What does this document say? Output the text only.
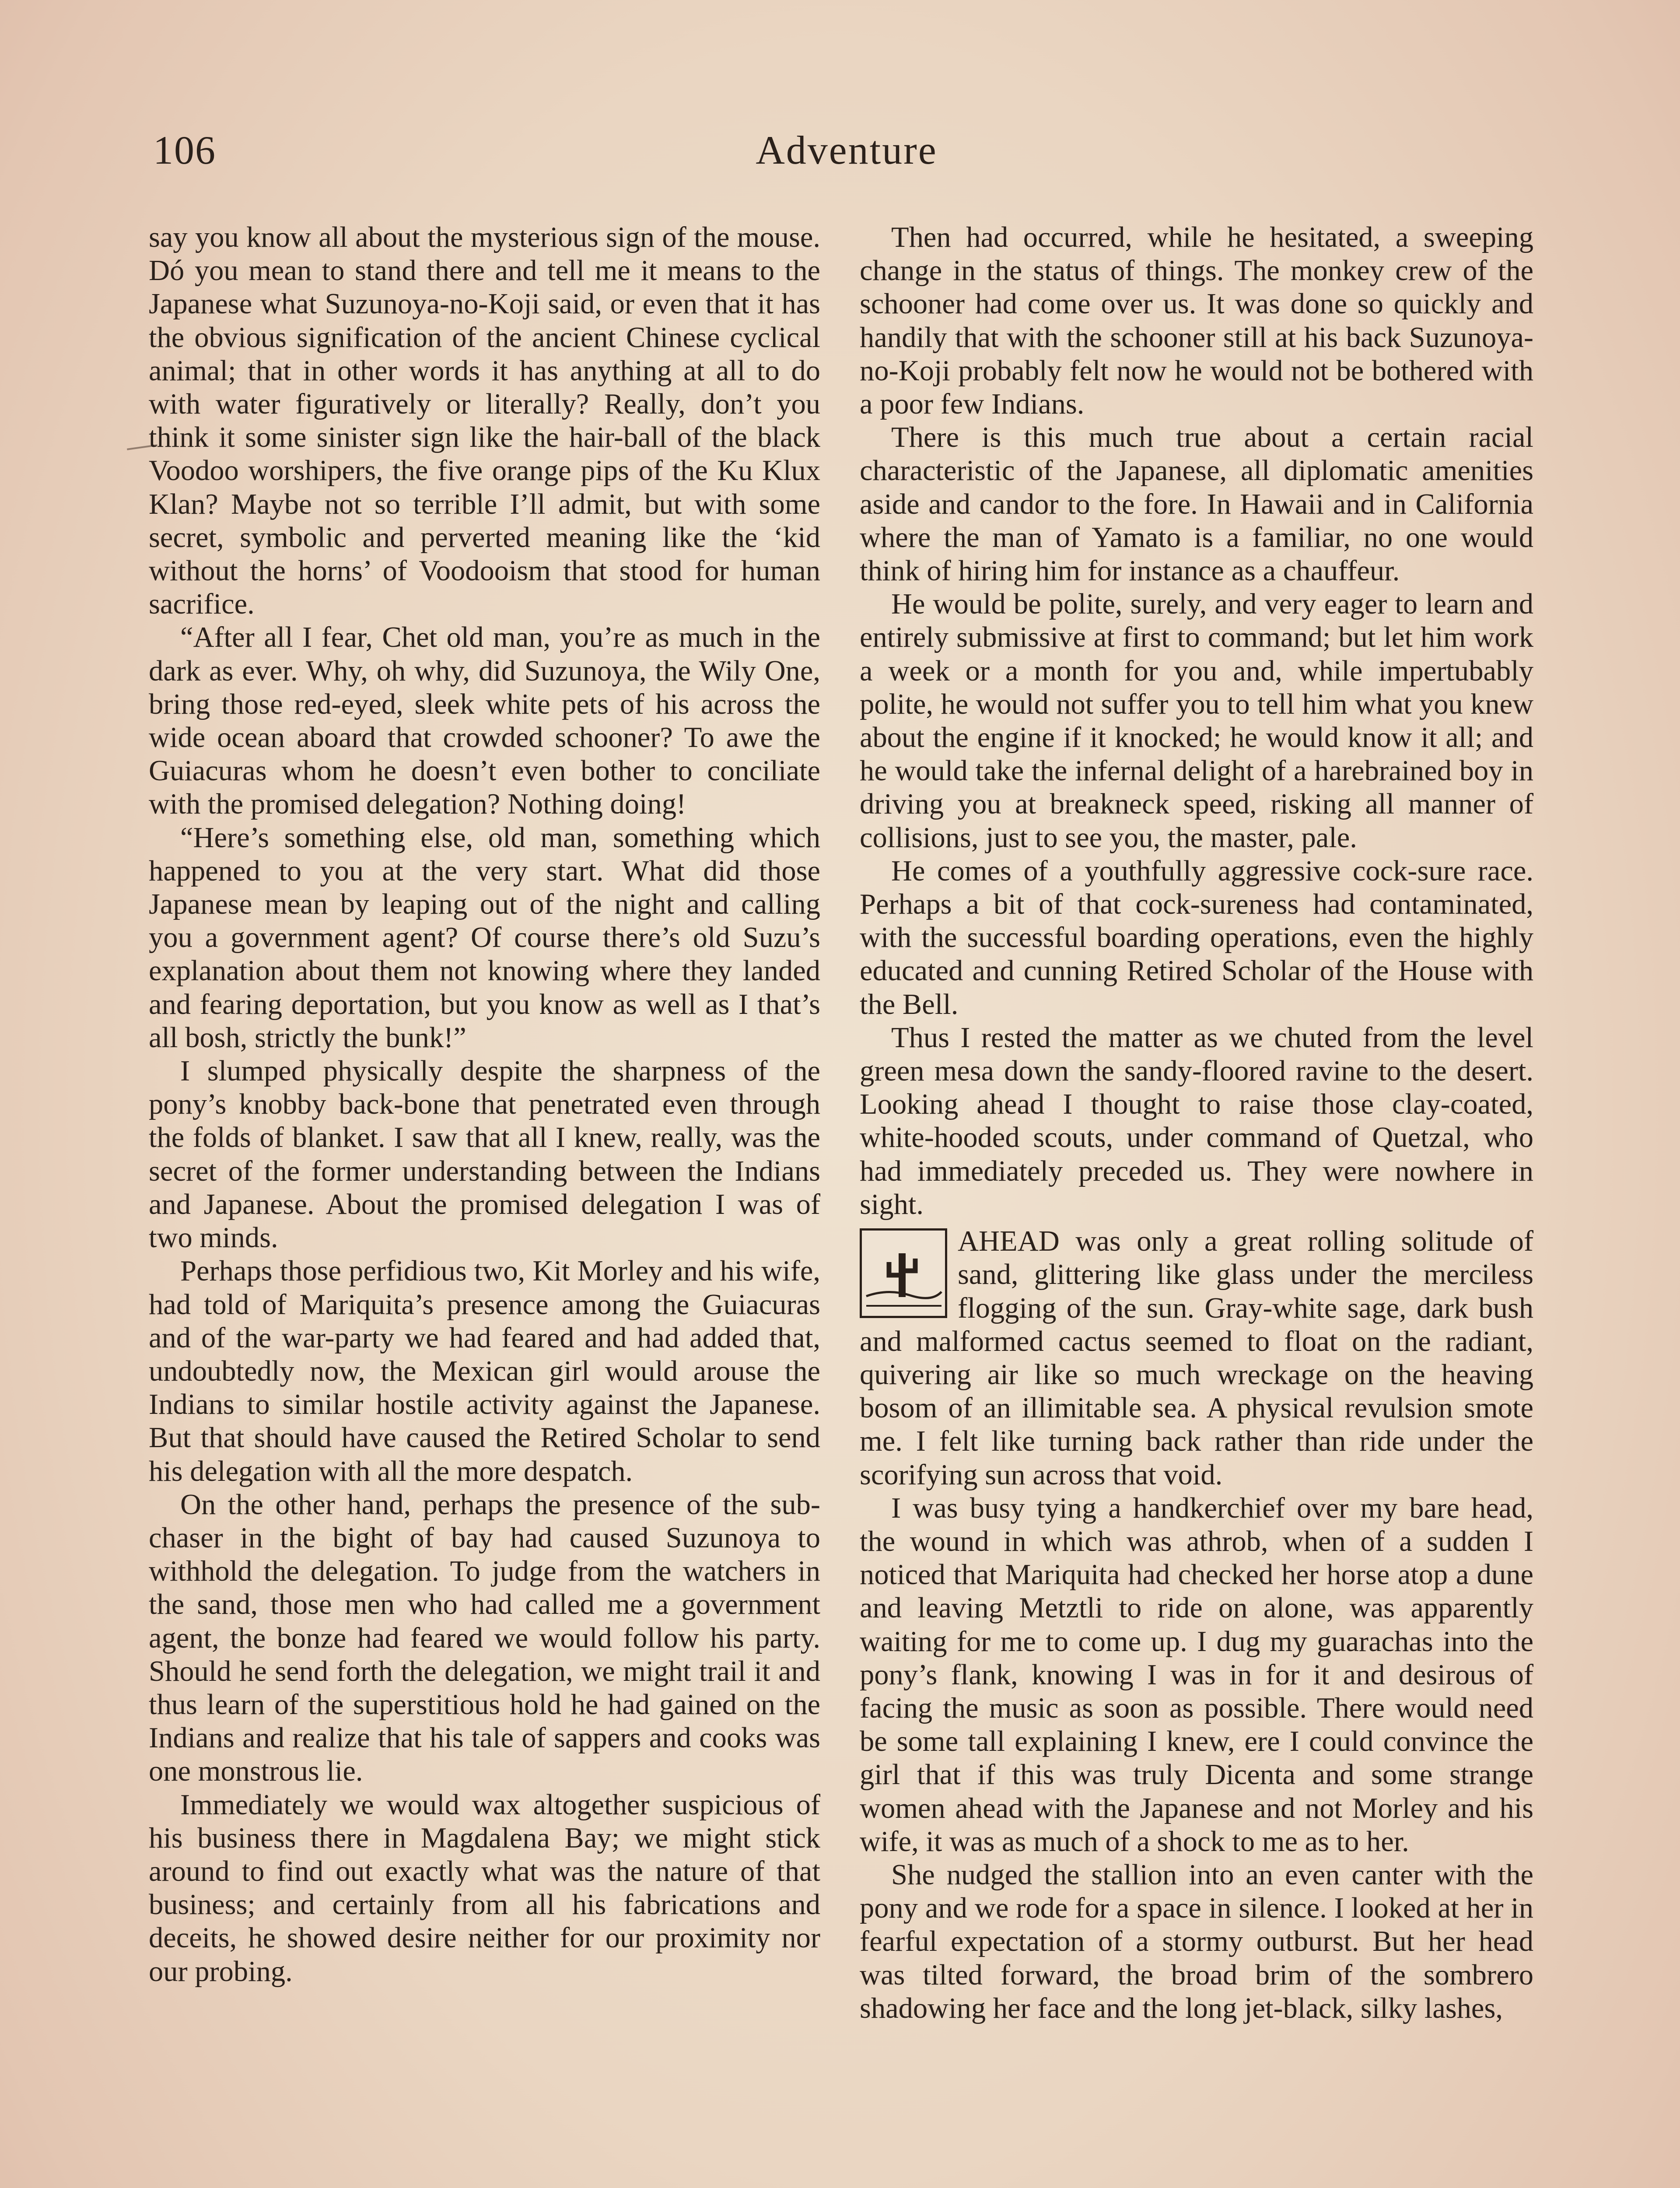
106	Adventure

say you know all about the mysterious sign of the mouse. Dó you mean to stand there and tell me it means to the Japanese what Suzunoya-no-Koji said, or even that it has the obvious signification of the ancient Chinese cyclical animal; that in other words it has anything at all to do with water figuratively or literally? Really, don’t you think it some sinister sign like the hair-ball of the black Voodoo worshipers, the five orange pips of the Ku Klux Klan? Maybe not so terrible I’ll admit, but with some secret, symbolic and perverted meaning like the ‘kid without the horns’ of Voodooism that stood for human sacrifice.

“After all I fear, Chet old man, you’re as much in the dark as ever. Why, oh why, did Suzunoya, the Wily One, bring those red-eyed, sleek white pets of his across the wide ocean aboard that crowded schooner? To awe the Guiacuras whom he doesn’t even bother to conciliate with the promised delegation? Nothing doing!

“Here’s something else, old man, something which happened to you at the very start. What did those Japanese mean by leaping out of the night and calling you a government agent? Of course there’s old Suzu’s explanation about them not knowing where they landed and fearing deportation, but you know as well as I that’s all bosh, strictly the bunk!”

I slumped physically despite the sharpness of the pony’s knobby back-bone that penetrated even through the folds of blanket. I saw that all I knew, really, was the secret of the former understanding between the Indians and Japanese. About the promised delegation I was of two minds.

Perhaps those perfidious two, Kit Morley and his wife, had told of Mariquita’s presence among the Guiacuras and of the war-party we had feared and had added that, undoubtedly now, the Mexican girl would arouse the Indians to similar hostile activity against the Japanese. But that should have caused the Retired Scholar to send his delegation with all the more despatch.

On the other hand, perhaps the presence of the sub-chaser in the bight of bay had caused Suzunoya to withhold the delegation. To judge from the watchers in the sand, those men who had called me a government agent, the bonze had feared we would follow his party. Should he send forth the delegation, we might trail it and thus learn of the superstitious hold he had gained on the Indians and realize that his tale of sappers and cooks was one monstrous lie.

Immediately we would wax altogether suspicious of his business there in Magdalena Bay; we might stick around to find out exactly what was the nature of that business; and certainly from all his fabrications and deceits, he showed desire neither for our proximity nor our probing.

Then had occurred, while he hesitated, a sweeping change in the status of things. The monkey crew of the schooner had come over us. It was done so quickly and handily that with the schooner still at his back Suzunoya-no-Koji probably felt now he would not be bothered with a poor few Indians.

There is this much true about a certain racial characteristic of the Japanese, all diplomatic amenities aside and candor to the fore. In Hawaii and in California where the man of Yamato is a familiar, no one would think of hiring him for instance as a chauffeur.

He would be polite, surely, and very eager to learn and entirely submissive at first to command; but let him work a week or a month for you and, while impertubably polite, he would not suffer you to tell him what you knew about the engine if it knocked; he would know it all; and he would take the infernal delight of a harebrained boy in driving you at breakneck speed, risking all manner of collisions, just to see you, the master, pale.

He comes of a youthfully aggressive cock-sure race. Perhaps a bit of that cock-sureness had contaminated, with the successful boarding operations, even the highly educated and cunning Retired Scholar of the House with the Bell.

Thus I rested the matter as we chuted from the level green mesa down the sandy-floored ravine to the desert. Looking ahead I thought to raise those clay-coated, white-hooded scouts, under command of Quetzal, who had immediately preceded us. They were nowhere in sight.

AHEAD was only a great rolling solitude of sand, glittering like glass under the merciless flogging of the sun. Gray-white sage, dark bush and malformed cactus seemed to float on the radiant, quivering air like so much wreckage on the heaving bosom of an illimitable sea. A physical revulsion smote me. I felt like turning back rather than ride under the scorifying sun across that void.

I was busy tying a handkerchief over my bare head, the wound in which was athrob, when of a sudden I noticed that Mariquita had checked her horse atop a dune and leaving Metztli to ride on alone, was apparently waiting for me to come up. I dug my guarachas into the pony’s flank, knowing I was in for it and desirous of facing the music as soon as possible. There would need be some tall explaining I knew, ere I could convince the girl that if this was truly Dicenta and some strange women ahead with the Japanese and not Morley and his wife, it was as much of a shock to me as to her.

She nudged the stallion into an even canter with the pony and we rode for a space in silence. I looked at her in fearful expectation of a stormy outburst. But her head was tilted forward, the broad brim of the sombrero shadowing her face and the long jet-black, silky lashes,
